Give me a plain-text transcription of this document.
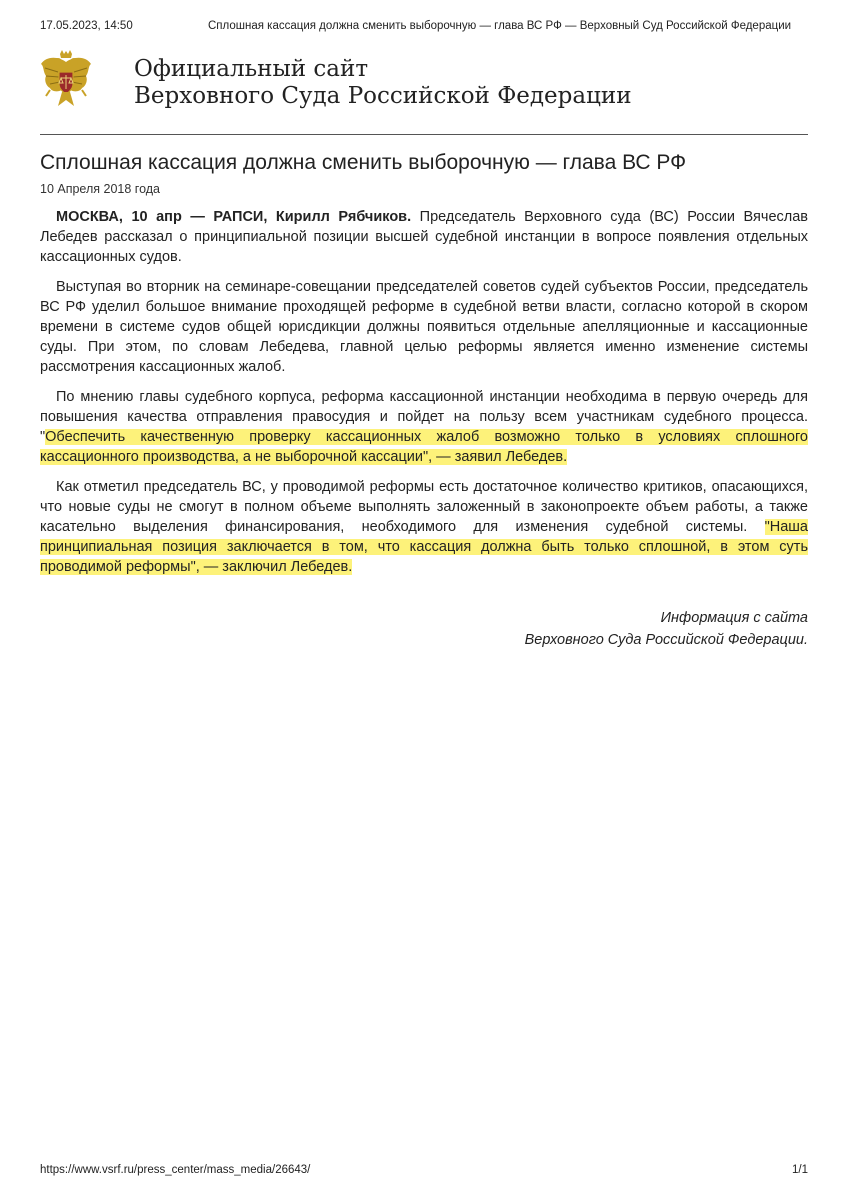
17.05.2023, 14:50	Сплошная кассация должна сменить выборочную — глава ВС РФ — Верховный Суд Российской Федерации
Официальный сайт
Верховного Суда Российской Федерации
Сплошная кассация должна сменить выборочную — глава ВС РФ
10 Апреля 2018 года

МОСКВА, 10 апр — РАПСИ, Кирилл Рябчиков. Председатель Верховного суда (ВС) России Вячеслав Лебедев рассказал о принципиальной позиции высшей судебной инстанции в вопросе появления отдельных кассационных судов.

Выступая во вторник на семинаре-совещании председателей советов судей субъектов России, председатель ВС РФ уделил большое внимание проходящей реформе в судебной ветви власти, согласно которой в скором времени в системе судов общей юрисдикции должны появиться отдельные апелляционные и кассационные суды. При этом, по словам Лебедева, главной целью реформы является именно изменение системы рассмотрения кассационных жалоб.

По мнению главы судебного корпуса, реформа кассационной инстанции необходима в первую очередь для повышения качества отправления правосудия и пойдет на пользу всем участникам судебного процесса. "Обеспечить качественную проверку кассационных жалоб возможно только в условиях сплошного кассационного производства, а не выборочной кассации", — заявил Лебедев.

Как отметил председатель ВС, у проводимой реформы есть достаточное количество критиков, опасающихся, что новые суды не смогут в полном объеме выполнять заложенный в законопроекте объем работы, а также касательно выделения финансирования, необходимого для изменения судебной системы. "Наша принципиальная позиция заключается в том, что кассация должна быть только сплошной, в этом суть проводимой реформы", — заключил Лебедев.

Информация с сайта
Верховного Суда Российской Федерации.
https://www.vsrf.ru/press_center/mass_media/26643/	1/1
